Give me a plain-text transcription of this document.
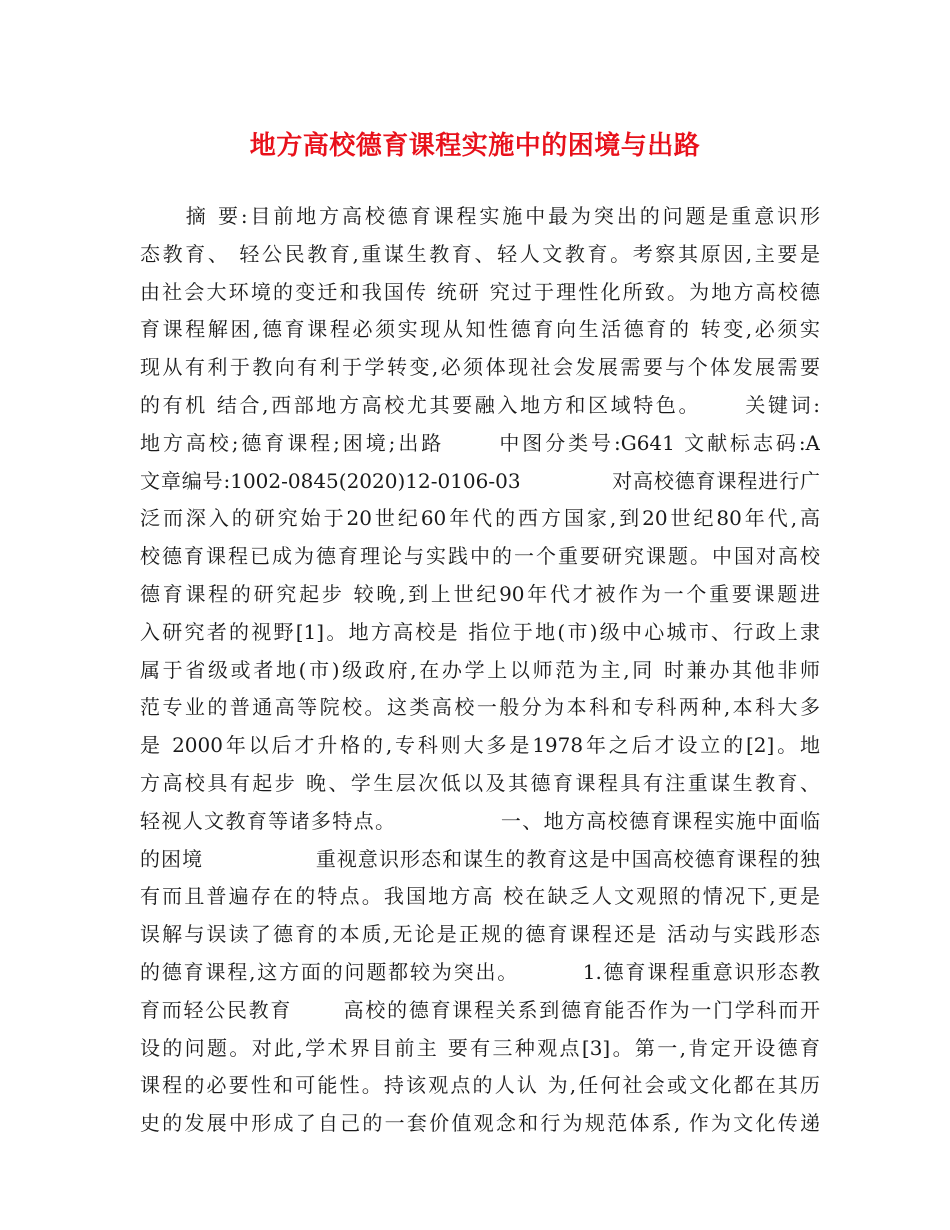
地方高校德育课程实施中的困境与出路
　　摘 要:目前地方高校德育课程实施中最为突出的问题是重意识形
态教育、 轻公民教育,重谋生教育、轻人文教育。考察其原因,主要是
由社会大环境的变迁和我国传 统研 究过于理性化所致。为地方高校德
育课程解困,德育课程必须实现从知性德育向生活德育的 转变,必须实
现从有利于教向有利于学转变,必须体现社会发展需要与个体发展需要
的有机 结合,西部地方高校尤其要融入地方和区域特色。　　 关键词:
地方高校;德育课程;困境;出路　　 中图分类号:G641 文献标志码:A
文章编号:1002-0845(2020)12-0106-03　　　　 对高校德育课程进行广
泛而深入的研究始于20世纪60年代的西方国家,到20世纪80年代,高
校德育课程已成为德育理论与实践中的一个重要研究课题。中国对高校
德育课程的研究起步 较晚,到上世纪90年代才被作为一个重要课题进
入研究者的视野[1]。地方高校是 指位于地(市)级中心城市、行政上隶
属于省级或者地(市)级政府,在办学上以师范为主,同 时兼办其他非师
范专业的普通高等院校。这类高校一般分为本科和专科两种,本科大多
是 2000年以后才升格的,专科则大多是1978年之后才设立的[2]。地
方高校具有起步 晚、学生层次低以及其德育课程具有注重谋生教育、
轻视人文教育等诸多特点。　　　　　 一、地方高校德育课程实施中面临
的困境　　　　　 重视意识形态和谋生的教育这是中国高校德育课程的独
有而且普遍存在的特点。我国地方高 校在缺乏人文观照的情况下,更是
误解与误读了德育的本质,无论是正规的德育课程还是 活动与实践形态
的德育课程,这方面的问题都较为突出。　　　 1.德育课程重意识形态教
育而轻公民教育　　 高校的德育课程关系到德育能否作为一门学科而开
设的问题。对此,学术界目前主 要有三种观点[3]。第一,肯定开设德育
课程的必要性和可能性。持该观点的人认 为,任何社会或文化都在其历
史的发展中形成了自己的一套价值观念和行为规范体系, 作为文化传递
